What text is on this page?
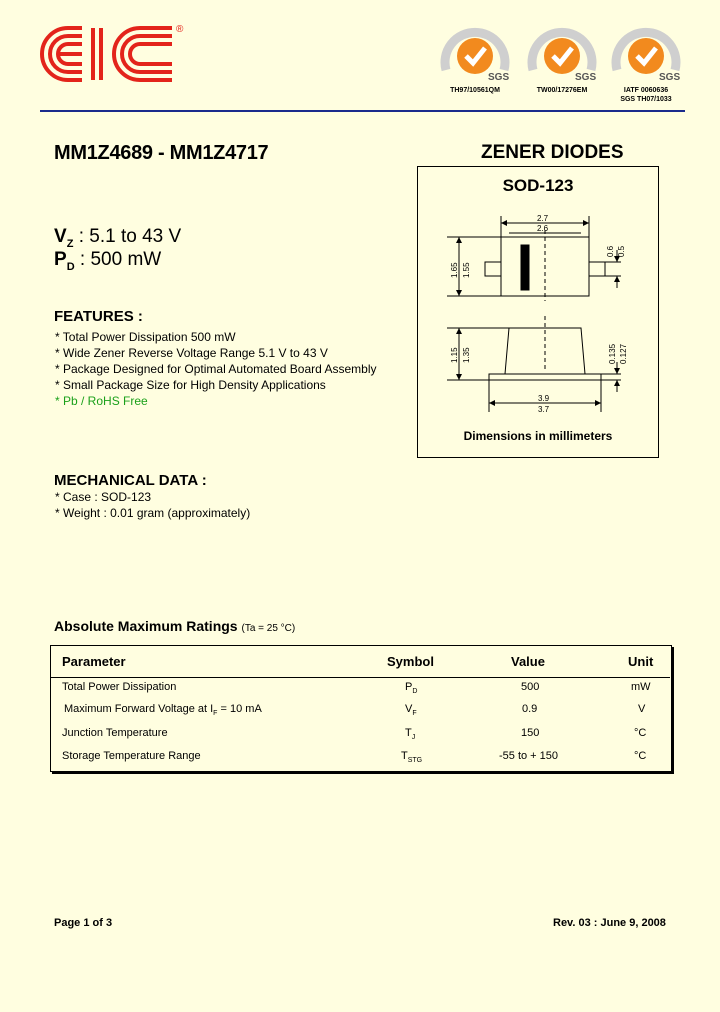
®
SGS
TH97/10561QM
SGS
TW00/17276EM
SGS
IATF 0060636
SGS TH07/1033
MM1Z4689 - MM1Z4717	ZENER DIODES
SOD-123
2.7
2.6
1.65 1.55
0.6 0.5
1.15 1.35	0.135 0.127
3.9
3.7
Dimensions in millimeters
$V_Z$ : 5.1 to 43 V
$P_D$ : 500 mW
FEATURES :
* Total Power Dissipation 500 mW
* Wide Zener Reverse Voltage Range 5.1 V to 43 V
* Package Designed for Optimal Automated Board Assembly
* Small Package Size for High Density Applications
* Pb / RoHS Free
MECHANICAL DATA :
* Case : SOD-123
* Weight : 0.01 gram (approximately)
Absolute Maximum Ratings (Ta = 25 °C)
Parameter	Symbol	Value	Unit
Total Power Dissipation	$P_D$	500	mW
Maximum Forward Voltage at $I_F = 10$ mA	$V_F$	0.9	V
Junction Temperature	$T_J$	150	°C
Storage Temperature Range	$T_{STG}$	-55 to + 150	°C
Page 1 of 3	Rev. 03 : June 9, 2008
